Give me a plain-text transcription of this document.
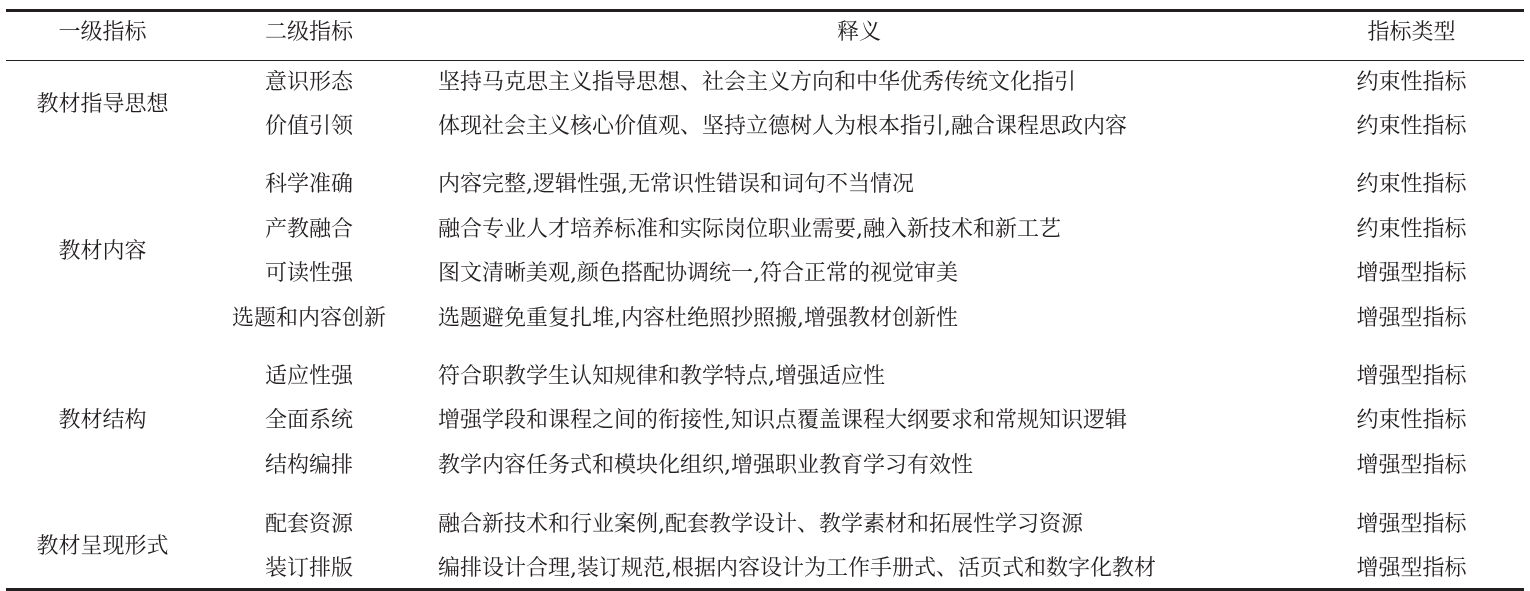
一级指标	二级指标	释义	指标类型
教材指导思想
意识形态	坚持马克思主义指导思想、社会主义方向和中华优秀传统文化指引	约束性指标
价值引领	体现社会主义核心价值观、坚持立德树人为根本指引,融合课程思政内容	约束性指标
教材内容
科学准确	内容完整,逻辑性强,无常识性错误和词句不当情况	约束性指标
产教融合	融合专业人才培养标准和实际岗位职业需要,融入新技术和新工艺	约束性指标
可读性强	图文清晰美观,颜色搭配协调统一,符合正常的视觉审美	增强型指标
选题和内容创新	选题避免重复扎堆,内容杜绝照抄照搬,增强教材创新性	增强型指标
教材结构
适应性强	符合职教学生认知规律和教学特点,增强适应性	增强型指标
全面系统	增强学段和课程之间的衔接性,知识点覆盖课程大纲要求和常规知识逻辑	约束性指标
结构编排	教学内容任务式和模块化组织,增强职业教育学习有效性	增强型指标
教材呈现形式
配套资源	融合新技术和行业案例,配套教学设计、教学素材和拓展性学习资源	增强型指标
装订排版	编排设计合理,装订规范,根据内容设计为工作手册式、活页式和数字化教材	增强型指标
